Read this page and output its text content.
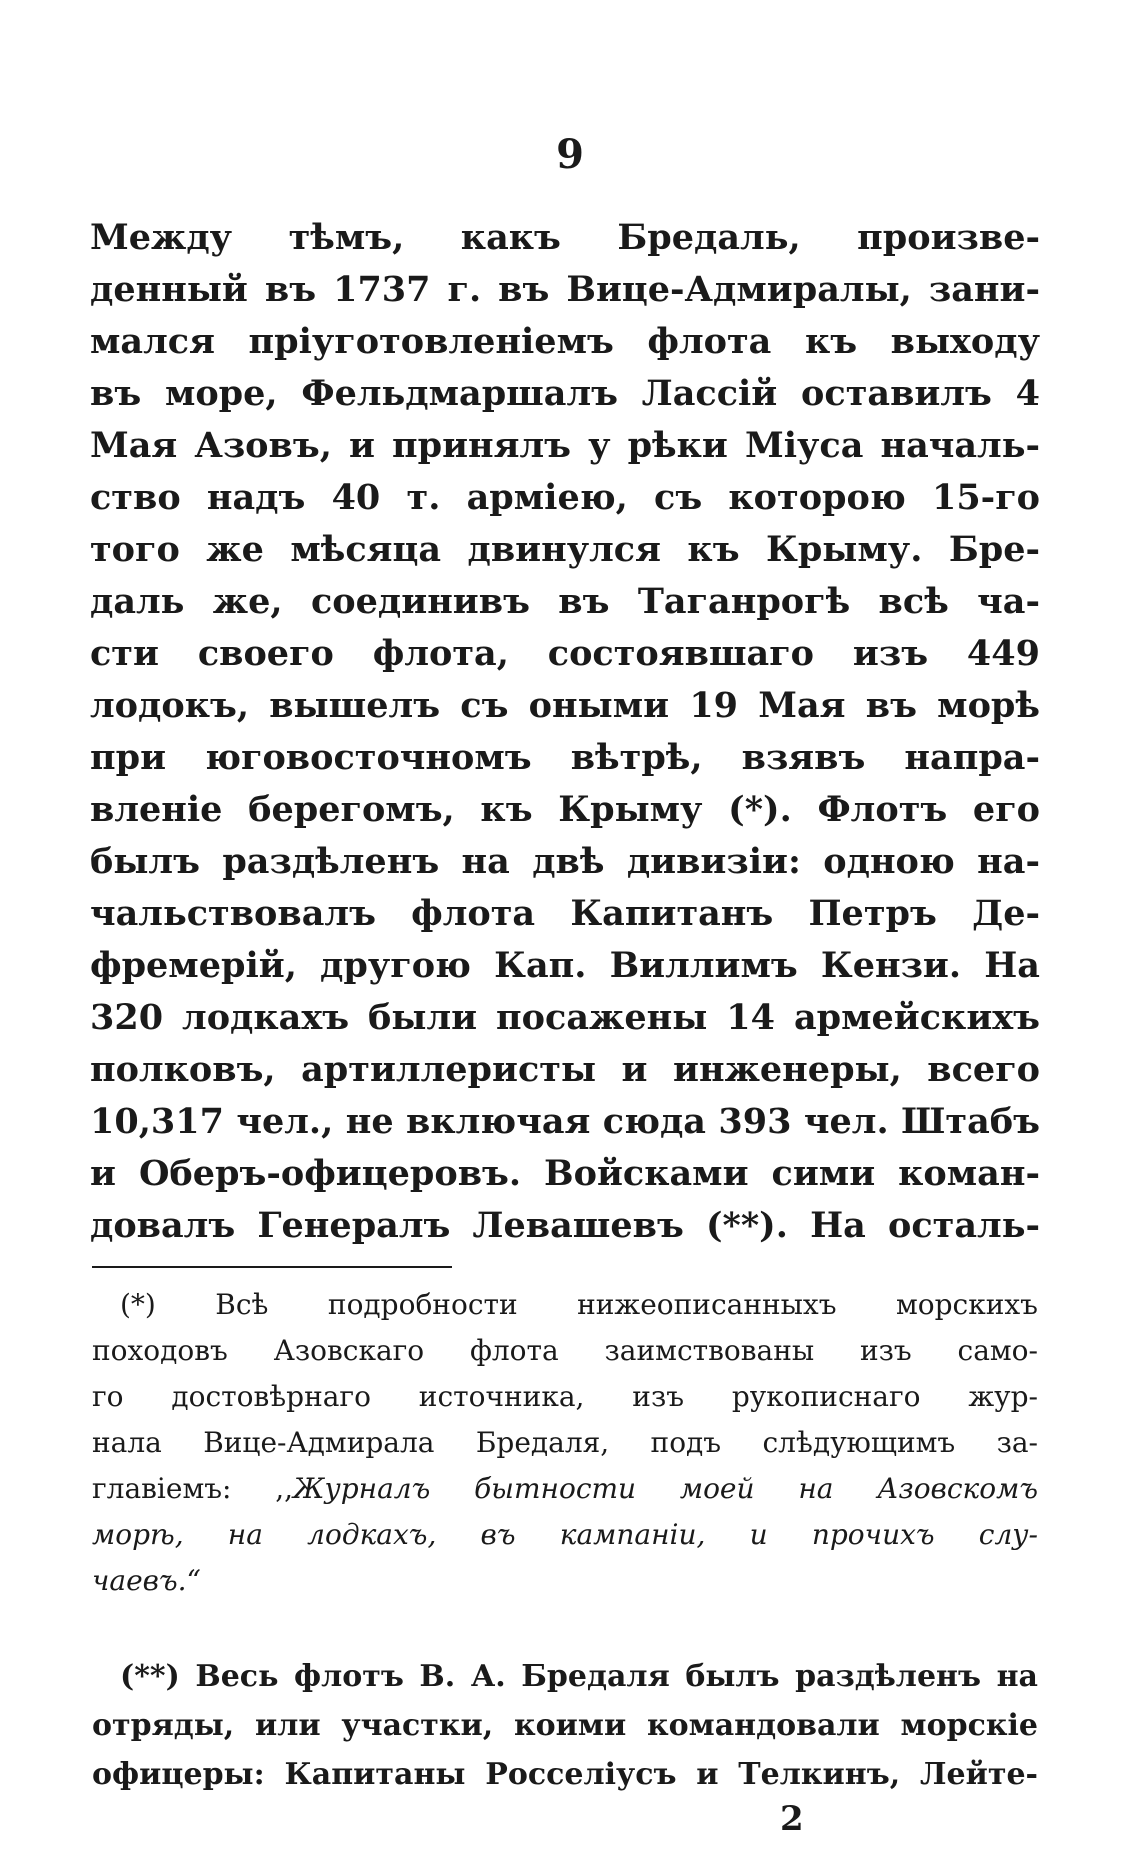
9
Между тѣмъ, какъ Бредаль, произве-
денный въ 1737 г. въ Вице-Адмиралы, зани-
мался пріуготовленіемъ флота къ выходу
въ море, Фельдмаршалъ Лассій оставилъ 4
Мая Азовъ, и принялъ у рѣки Міуса началь-
ство надъ 40 т. арміею, съ которою 15-го
того же мѣсяца двинулся къ Крыму. Бре-
даль же, соединивъ въ Таганрогѣ всѣ ча-
сти своего флота, состоявшаго изъ 449
лодокъ, вышелъ съ оными 19 Мая въ морѣ
при юговосточномъ вѣтрѣ, взявъ напра-
вленіе берегомъ, къ Крыму (*). Флотъ его
былъ раздѣленъ на двѣ дивизіи: одною на-
чальствовалъ флота Капитанъ Петръ Де-
фремерій, другою Кап. Виллимъ Кензи. На
320 лодкахъ были посажены 14 армейскихъ
полковъ, артиллеристы и инженеры, всего
10,317 чел., не включая сюда 393 чел. Штабъ
и Оберъ-офицеровъ. Войсками сими коман-
довалъ Генералъ Левашевъ (**). На осталь-
(*) Всѣ подробности нижеописанныхъ морскихъ
походовъ Азовскаго флота заимствованы изъ само-
го достовѣрнаго источника, изъ рукописнаго жур-
нала Вице-Адмирала Бредаля, подъ слѣдующимъ за-
главіемъ: ,,Журналъ бытности моей на Азовскомъ
морѣ, на лодкахъ, въ кампаніи, и прочихъ слу-
чаевъ.“
(**) Весь флотъ В. А. Бредаля былъ раздѣленъ на
отряды, или участки, коими командовали морскіе
офицеры: Капитаны Росселіусъ и Телкинъ, Лейте-
2
